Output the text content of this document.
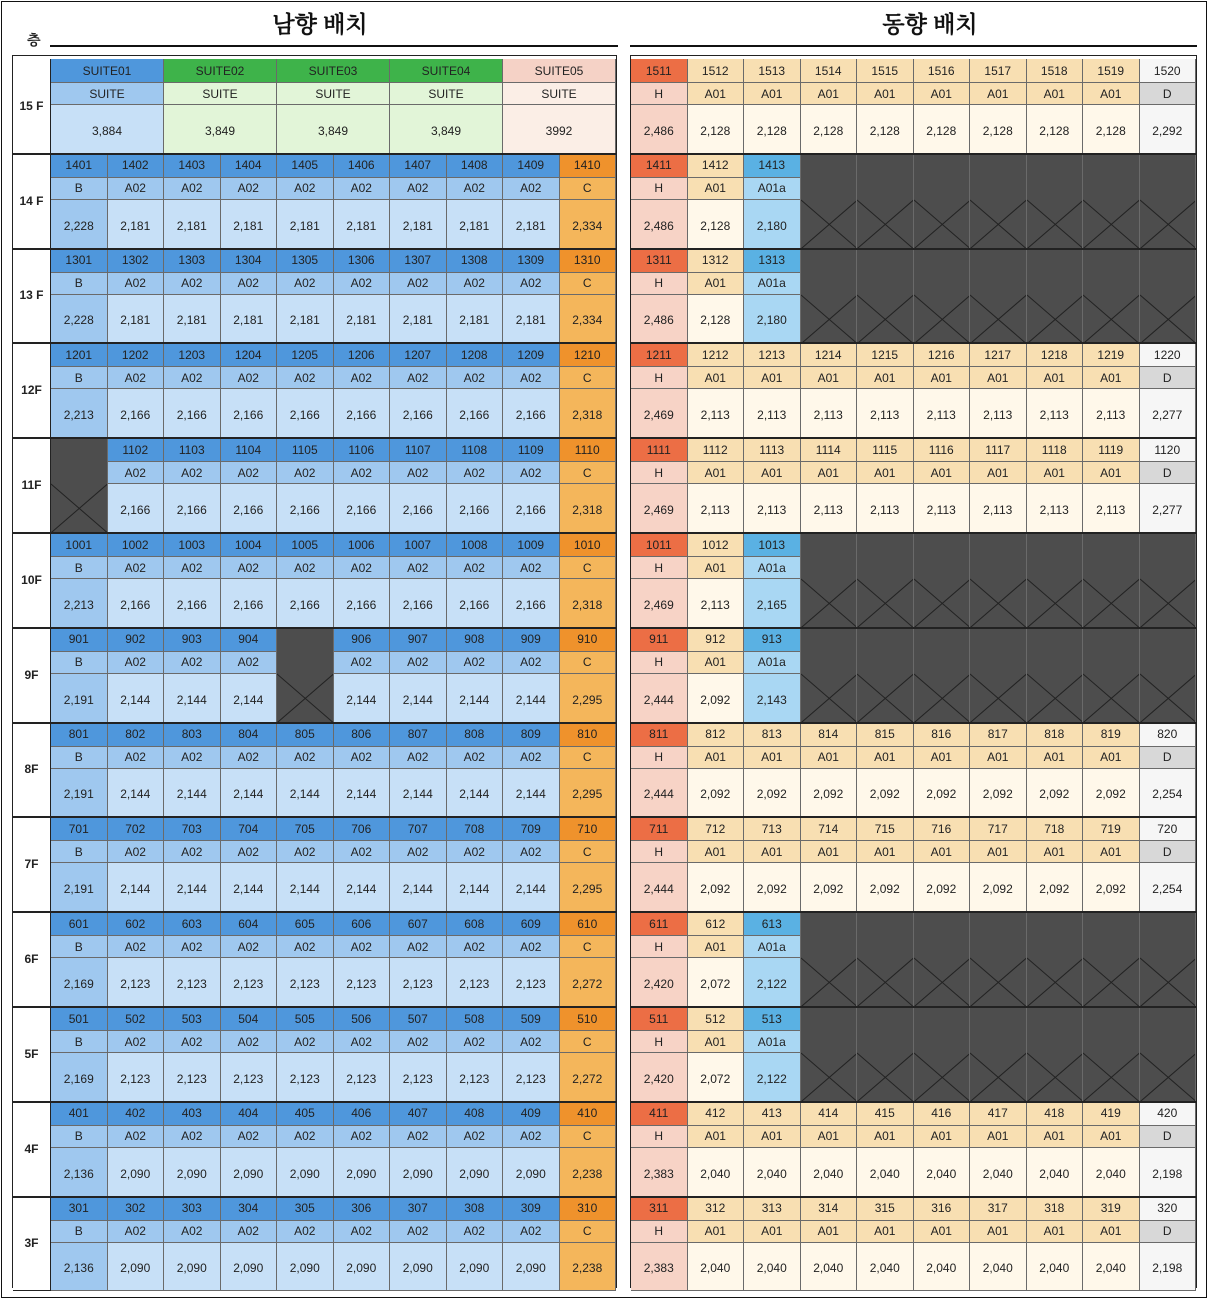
층
남향 배치	동향 배치
15 F
SUITE01
SUITE
3,884
SUITE02
SUITE
3,849
SUITE03
SUITE
3,849
SUITE04
SUITE
3,849
SUITE05
SUITE
3992
14 F
1401
B
2,228
1402
A02
2,181
1403
A02
2,181
1404
A02
2,181
1405
A02
2,181
1406
A02
2,181
1407
A02
2,181
1408
A02
2,181
1409
A02
2,181
1410
C
2,334
13 F
1301
B
2,228
1302
A02
2,181
1303
A02
2,181
1304
A02
2,181
1305
A02
2,181
1306
A02
2,181
1307
A02
2,181
1308
A02
2,181
1309
A02
2,181
1310
C
2,334
12F
1201
B
2,213
1202
A02
2,166
1203
A02
2,166
1204
A02
2,166
1205
A02
2,166
1206
A02
2,166
1207
A02
2,166
1208
A02
2,166
1209
A02
2,166
1210
C
2,318
11F
1102
A02
2,166
1103
A02
2,166
1104
A02
2,166
1105
A02
2,166
1106
A02
2,166
1107
A02
2,166
1108
A02
2,166
1109
A02
2,166
1110
C
2,318
10F
1001
B
2,213
1002
A02
2,166
1003
A02
2,166
1004
A02
2,166
1005
A02
2,166
1006
A02
2,166
1007
A02
2,166
1008
A02
2,166
1009
A02
2,166
1010
C
2,318
9F
901
B
2,191
902
A02
2,144
903
A02
2,144
904
A02
2,144
906
A02
2,144
907
A02
2,144
908
A02
2,144
909
A02
2,144
910
C
2,295
8F
801
B
2,191
802
A02
2,144
803
A02
2,144
804
A02
2,144
805
A02
2,144
806
A02
2,144
807
A02
2,144
808
A02
2,144
809
A02
2,144
810
C
2,295
7F
701
B
2,191
702
A02
2,144
703
A02
2,144
704
A02
2,144
705
A02
2,144
706
A02
2,144
707
A02
2,144
708
A02
2,144
709
A02
2,144
710
C
2,295
6F
601
B
2,169
602
A02
2,123
603
A02
2,123
604
A02
2,123
605
A02
2,123
606
A02
2,123
607
A02
2,123
608
A02
2,123
609
A02
2,123
610
C
2,272
5F
501
B
2,169
502
A02
2,123
503
A02
2,123
504
A02
2,123
505
A02
2,123
506
A02
2,123
507
A02
2,123
508
A02
2,123
509
A02
2,123
510
C
2,272
4F
401
B
2,136
402
A02
2,090
403
A02
2,090
404
A02
2,090
405
A02
2,090
406
A02
2,090
407
A02
2,090
408
A02
2,090
409
A02
2,090
410
C
2,238
3F
301
B
2,136
302
A02
2,090
303
A02
2,090
304
A02
2,090
305
A02
2,090
306
A02
2,090
307
A02
2,090
308
A02
2,090
309
A02
2,090
310
C
2,238
1511
H
2,486
1512
A01
2,128
1513
A01
2,128
1514
A01
2,128
1515
A01
2,128
1516
A01
2,128
1517
A01
2,128
1518
A01
2,128
1519
A01
2,128
1520
D
2,292
1411
H
2,486
1412
A01
2,128
1413
A01a
2,180
1311
H
2,486
1312
A01
2,128
1313
A01a
2,180
1211
H
2,469
1212
A01
2,113
1213
A01
2,113
1214
A01
2,113
1215
A01
2,113
1216
A01
2,113
1217
A01
2,113
1218
A01
2,113
1219
A01
2,113
1220
D
2,277
1111
H
2,469
1112
A01
2,113
1113
A01
2,113
1114
A01
2,113
1115
A01
2,113
1116
A01
2,113
1117
A01
2,113
1118
A01
2,113
1119
A01
2,113
1120
D
2,277
1011
H
2,469
1012
A01
2,113
1013
A01a
2,165
911
H
2,444
912
A01
2,092
913
A01a
2,143
811
H
2,444
812
A01
2,092
813
A01
2,092
814
A01
2,092
815
A01
2,092
816
A01
2,092
817
A01
2,092
818
A01
2,092
819
A01
2,092
820
D
2,254
711
H
2,444
712
A01
2,092
713
A01
2,092
714
A01
2,092
715
A01
2,092
716
A01
2,092
717
A01
2,092
718
A01
2,092
719
A01
2,092
720
D
2,254
611
H
2,420
612
A01
2,072
613
A01a
2,122
511
H
2,420
512
A01
2,072
513
A01a
2,122
411
H
2,383
412
A01
2,040
413
A01
2,040
414
A01
2,040
415
A01
2,040
416
A01
2,040
417
A01
2,040
418
A01
2,040
419
A01
2,040
420
D
2,198
311
H
2,383
312
A01
2,040
313
A01
2,040
314
A01
2,040
315
A01
2,040
316
A01
2,040
317
A01
2,040
318
A01
2,040
319
A01
2,040
320
D
2,198
